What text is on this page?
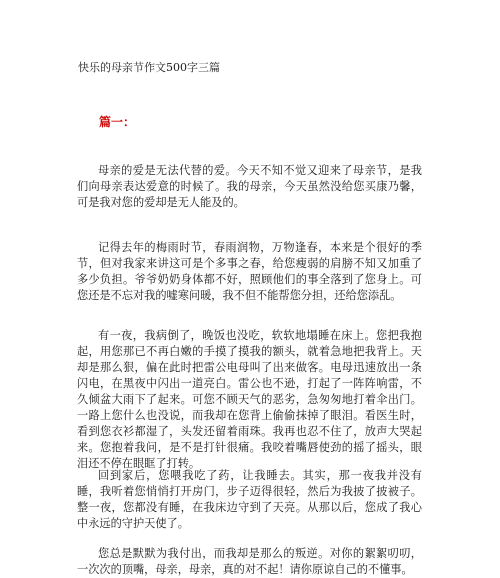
快乐的母亲节作文500字三篇
篇一：

母亲的爱是无法代替的爱。今天不知不觉又迎来了母亲节，是我们向母亲表达爱意的时候了。我的母亲，今天虽然没给您买康乃馨，可是我对您的爱却是无人能及的。

记得去年的梅雨时节，春雨润物，万物逢春，本来是个很好的季节，但对我家来讲这可是个多事之春，给您瘦弱的肩膀不知又加重了多少负担。爷爷奶奶身体都不好，照顾他们的事全落到了您身上。可您还是不忘对我的嘘寒问暖，我不但不能帮您分担，还给您添乱。

有一夜，我病倒了，晚饭也没吃，软软地塌睡在床上。您把我抱起，用您那已不再白嫩的手摸了摸我的额头，就着急地把我背上。天却是那么狠，偏在此时把雷公电母叫了出来做客。电母迅速放出一条闪电，在黑夜中闪出一道亮白。雷公也不逊，打起了一阵阵响雷，不久倾盆大雨下了起来。可您不顾天气的恶劣，急匆匆地打着伞出门。一路上您什么也没说，而我却在您背上偷偷抹掉了眼泪。看医生时，看到您衣衫都湿了，头发还留着雨珠。我再也忍不住了，放声大哭起来。您抱着我问，是不是打针很痛。我咬着嘴唇使劲的摇了摇头，眼泪还不停在眼眶了打转。

回到家后，您喂我吃了药，让我睡去。其实，那一夜我并没有睡，我听着您悄悄打开房门，步子迈得很轻，然后为我披了披被子。整一夜，您都没有睡，在我床边守到了天亮。从那以后，您成了我心中永远的守护天使了。

您总是默默为我付出，而我却是那么的叛逆。对你的絮絮叨叨，一次次的顶嘴，母亲，母亲，真的对不起！请你原谅自己的不懂事。
